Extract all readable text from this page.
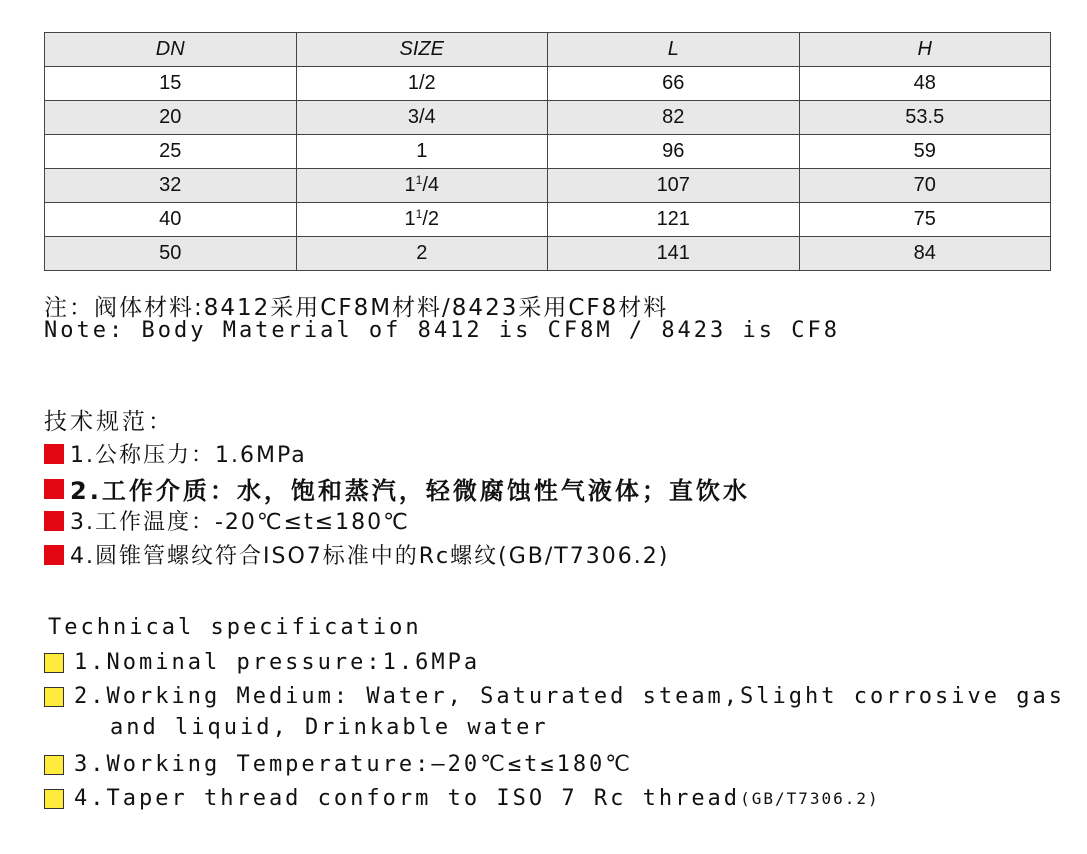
DN	SIZE	L	H
15	1/2	66	48
20	3/4	82	53.5
25	1	96	59
32	$1^1/4$	107	70
40	$1^1/2$	121	75
50	2	141	84
注：阀体材料:8412采用CF8M材料/8423采用CF8材料
Note: Body Material of 8412 is CF8M / 8423 is CF8
技术规范：
1.公称压力：1.6MPa
2.工作介质：水，饱和蒸汽，轻微腐蚀性气液体；直饮水
3.工作温度：-20℃≤t≤180℃
4.圆锥管螺纹符合ISO7标准中的Rc螺纹(GB/T7306.2)
Technical specification
1.Nominal pressure:1.6MPa
2.Working Medium: Water, Saturated steam,Slight corrosive gas
and liquid, Drinkable water
3.Working Temperature:—20℃≤t≤180℃
4.Taper thread conform to ISO 7 Rc thread (GB/T7306.2)
